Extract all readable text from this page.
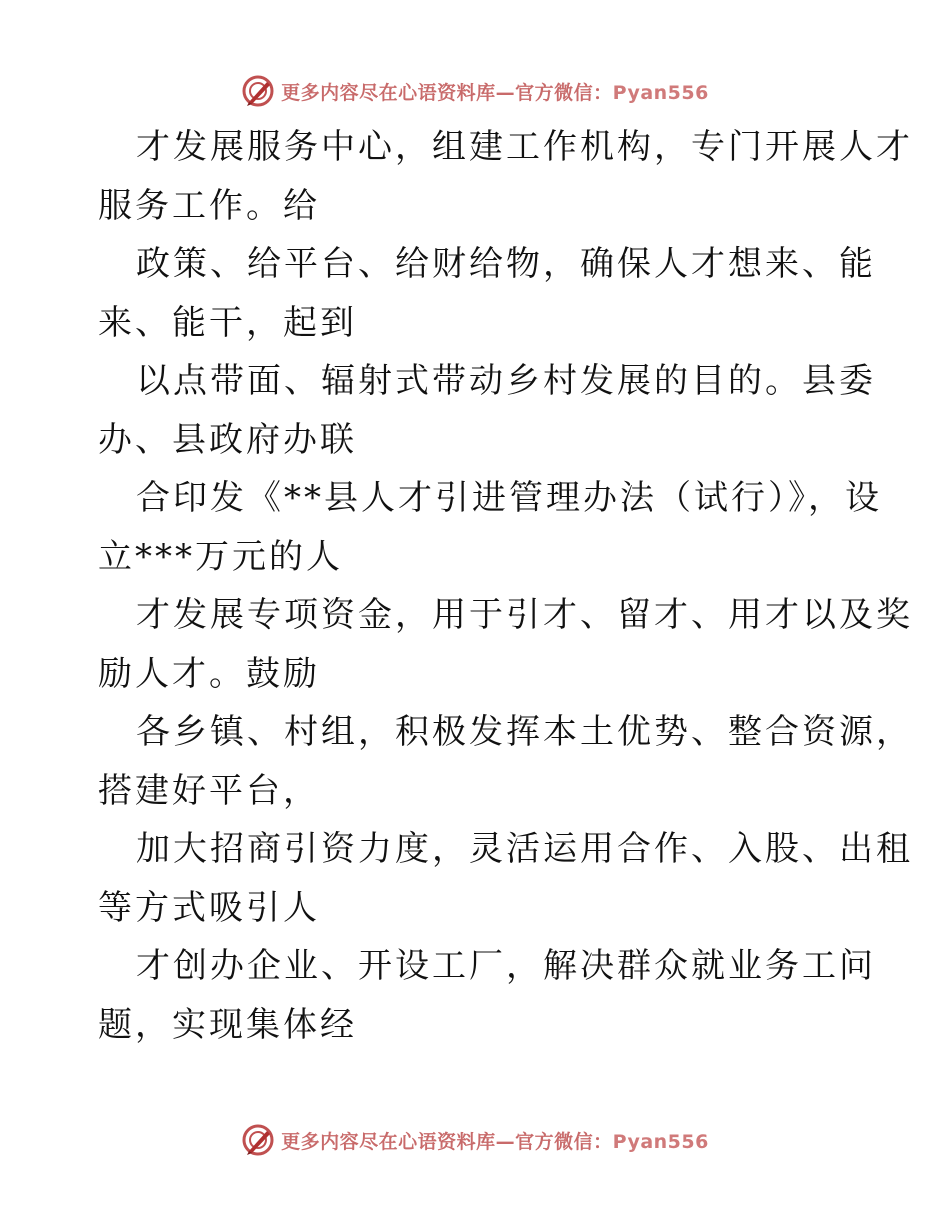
更多内容尽在心语资料库—官方微信：Pyan556

才发展服务中心，组建工作机构，专门开展人才
服务工作。给

政策、给平台、给财给物，确保人才想来、能
来、能干，起到

以点带面、辐射式带动乡村发展的目的。县委
办、县政府办联

合印发《**县人才引进管理办法（试行）》，设
立***万元的人

才发展专项资金，用于引才、留才、用才以及奖
励人才。鼓励

各乡镇、村组，积极发挥本土优势、整合资源，
搭建好平台，

加大招商引资力度，灵活运用合作、入股、出租
等方式吸引人

才创办企业、开设工厂，解决群众就业务工问
题，实现集体经

更多内容尽在心语资料库—官方微信：Pyan556
